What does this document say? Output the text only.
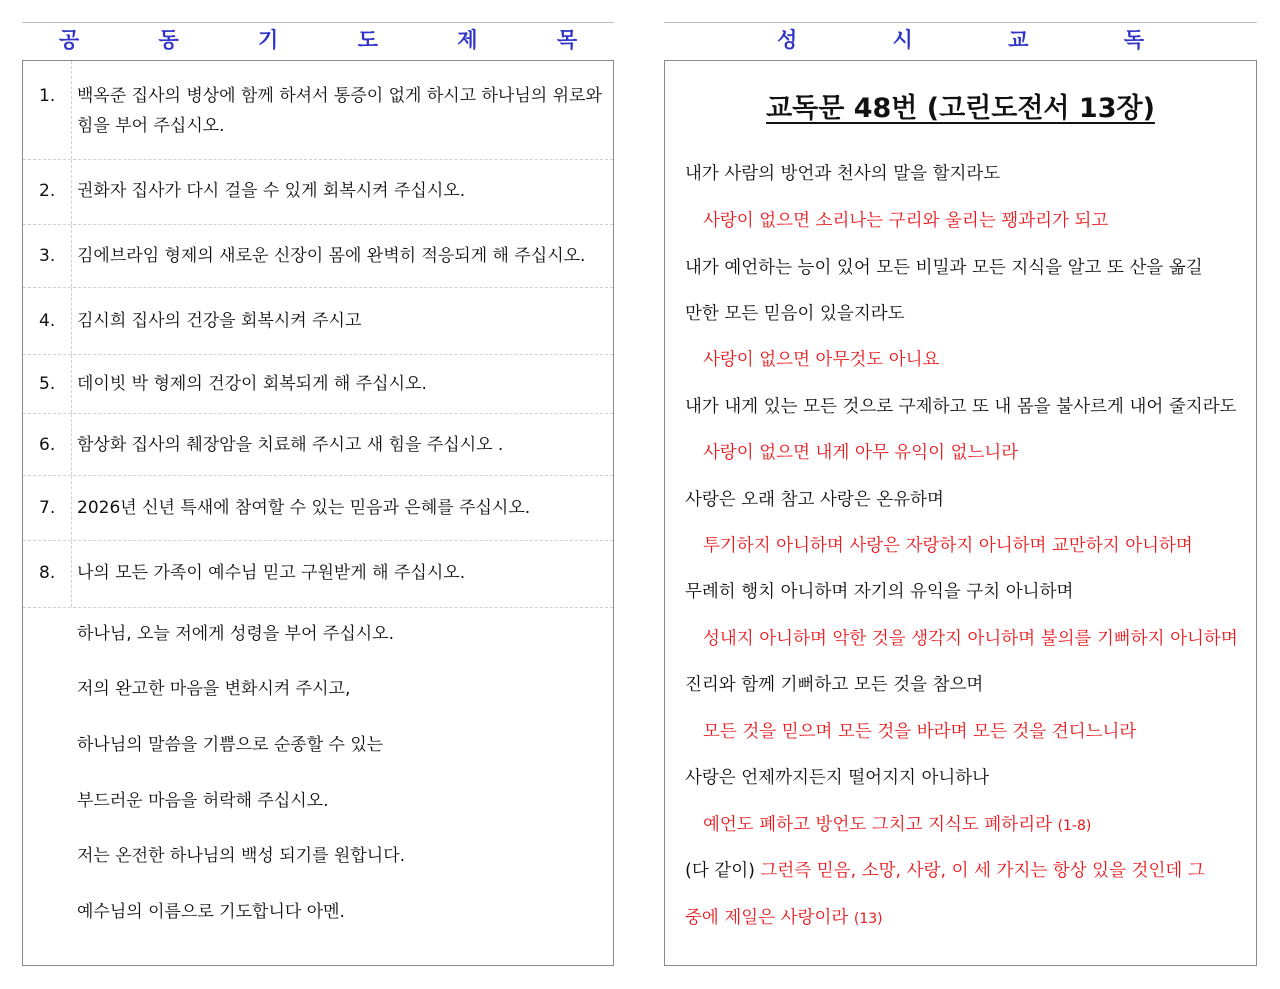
공 동 기 도 제 목
1. 백옥준 집사의 병상에 함께 하셔서 통증이 없게 하시고 하나님의 위로와 힘을 부어 주십시오.
2. 권화자 집사가 다시 걸을 수 있게 회복시켜 주십시오.
3. 김에브라임 형제의 새로운 신장이 몸에 완벽히 적응되게 해 주십시오.
4. 김시희 집사의 건강을 회복시켜 주시고
5. 데이빗 박 형제의 건강이 회복되게 해 주십시오.
6. 함상화 집사의 췌장암을 치료해 주시고 새 힘을 주십시오 .
7. 2026년 신년 특새에 참여할 수 있는 믿음과 은혜를 주십시오.
8. 나의 모든 가족이 예수님 믿고 구원받게 해 주십시오.
하나님, 오늘 저에게 성령을 부어 주십시오.
저의 완고한 마음을 변화시켜 주시고,
하나님의 말씀을 기쁨으로 순종할 수 있는
부드러운 마음을 허락해 주십시오.
저는 온전한 하나님의 백성 되기를 원합니다.
예수님의 이름으로 기도합니다 아멘.
성 시 교 독
교독문 48번 (고린도전서 13장)
내가 사람의 방언과 천사의 말을 할지라도
사랑이 없으면 소리나는 구리와 울리는 꽹과리가 되고
내가 예언하는 능이 있어 모든 비밀과 모든 지식을 알고 또 산을 옮길
만한 모든 믿음이 있을지라도
사랑이 없으면 아무것도 아니요
내가 내게 있는 모든 것으로 구제하고 또 내 몸을 불사르게 내어 줄지라도
사랑이 없으면 내게 아무 유익이 없느니라
사랑은 오래 참고 사랑은 온유하며
투기하지 아니하며 사랑은 자랑하지 아니하며 교만하지 아니하며
무례히 행치 아니하며 자기의 유익을 구치 아니하며
성내지 아니하며 악한 것을 생각지 아니하며 불의를 기뻐하지 아니하며
진리와 함께 기뻐하고 모든 것을 참으며
모든 것을 믿으며 모든 것을 바라며 모든 것을 견디느니라
사랑은 언제까지든지 떨어지지 아니하나
예언도 폐하고 방언도 그치고 지식도 폐하리라 (1-8)
(다 같이) 그런즉 믿음, 소망, 사랑, 이 세 가지는 항상 있을 것인데 그
중에 제일은 사랑이라 (13)
